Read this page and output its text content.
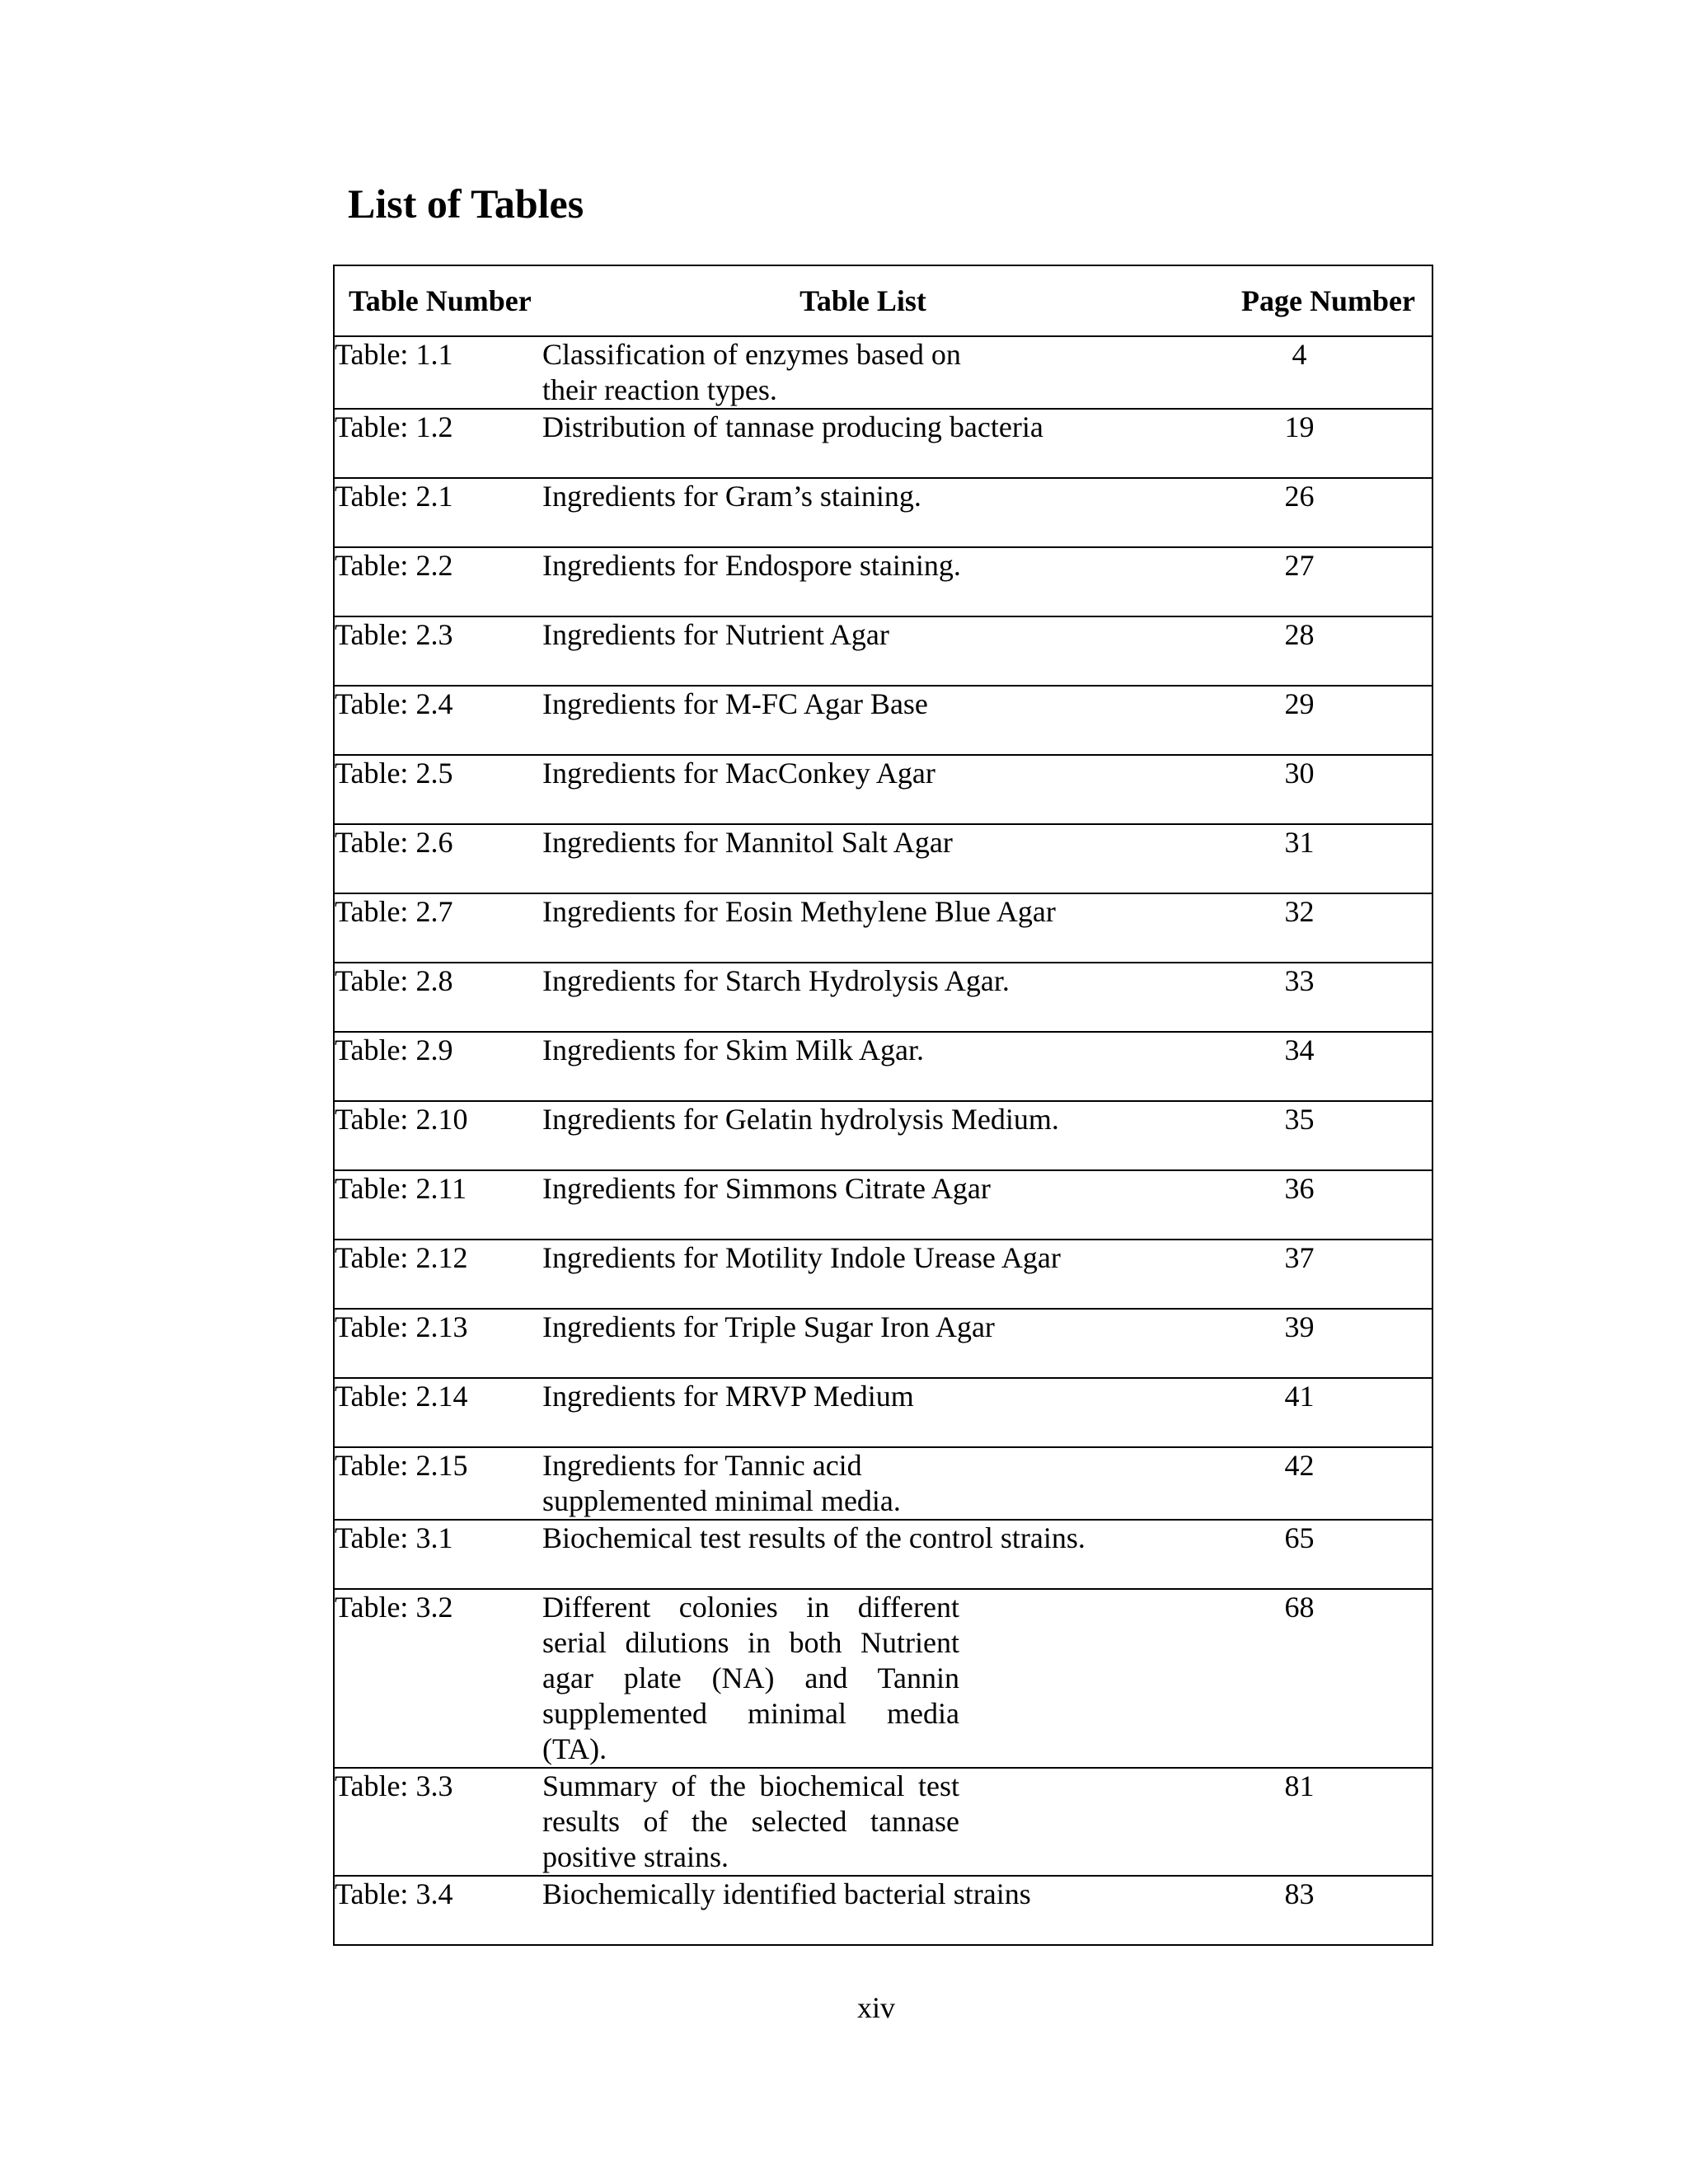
List of Tables
Table Number	Table List	Page Number
Table: 1.1	Classification of enzymes based on their reaction types.	4
Table: 1.2	Distribution of tannase producing bacteria	19
Table: 2.1	Ingredients for Gram’s staining.	26
Table: 2.2	Ingredients for Endospore staining.	27
Table: 2.3	Ingredients for Nutrient Agar	28
Table: 2.4	Ingredients for M-FC Agar Base	29
Table: 2.5	Ingredients for MacConkey Agar	30
Table: 2.6	Ingredients for Mannitol Salt Agar	31
Table: 2.7	Ingredients for Eosin Methylene Blue Agar	32
Table: 2.8	Ingredients for Starch Hydrolysis Agar.	33
Table: 2.9	Ingredients for Skim Milk Agar.	34
Table: 2.10	Ingredients for Gelatin hydrolysis Medium.	35
Table: 2.11	Ingredients for Simmons Citrate Agar	36
Table: 2.12	Ingredients for Motility Indole Urease Agar	37
Table: 2.13	Ingredients for Triple Sugar Iron Agar	39
Table: 2.14	Ingredients for MRVP Medium	41
Table: 2.15	Ingredients for Tannic acid supplemented minimal media.	42
Table: 3.1	Biochemical test results of the control strains.	65
Table: 3.2	Different colonies in different serial dilutions in both Nutrient agar plate (NA) and Tannin supplemented minimal media (TA).	68
Table: 3.3	Summary of the biochemical test results of the selected tannase positive strains.	81
Table: 3.4	Biochemically identified bacterial strains	83
xiv
